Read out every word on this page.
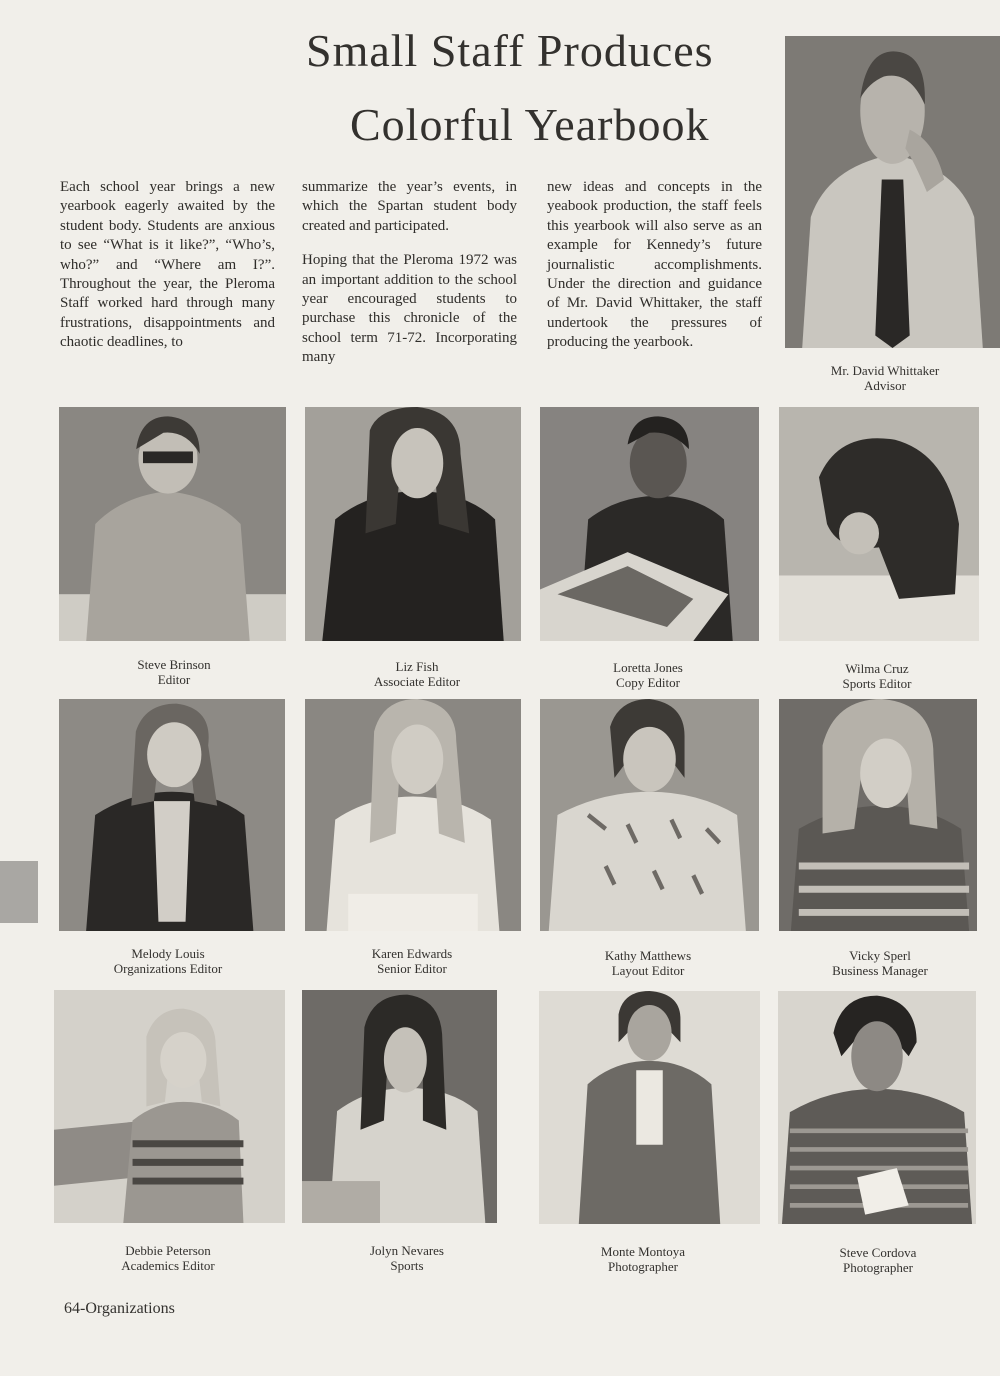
Small Staff Produces
Colorful Yearbook

Each school year brings a new yearbook eagerly awaited by the student body. Students are anxious to see “What is it like?”, “Who’s, who?” and “Where am I?”. Throughout the year, the Pleroma Staff worked hard through many frustrations, disappointments and chaotic deadlines, to

summarize the year’s events, in which the Spartan student body created and participated.

Hoping that the Pleroma 1972 was an important addition to the school year encouraged students to purchase this chronicle of the school term 71-72. Incorporating many

new ideas and concepts in the yeabook production, the staff feels this yearbook will also serve as an example for Kennedy’s future journalistic accomplishments. Under the direction and guidance of Mr. David Whittaker, the staff undertook the pressures of producing the yearbook.

Mr. David Whittaker
Advisor
Steve Brinson
Editor
Liz Fish
Associate Editor
Loretta Jones
Copy Editor
Wilma Cruz
Sports Editor
Melody Louis
Organizations Editor
Karen Edwards
Senior Editor
Kathy Matthews
Layout Editor
Vicky Sperl
Business Manager
Debbie Peterson
Academics Editor
Jolyn Nevares
Sports
Monte Montoya
Photographer
Steve Cordova
Photographer
64-Organizations
